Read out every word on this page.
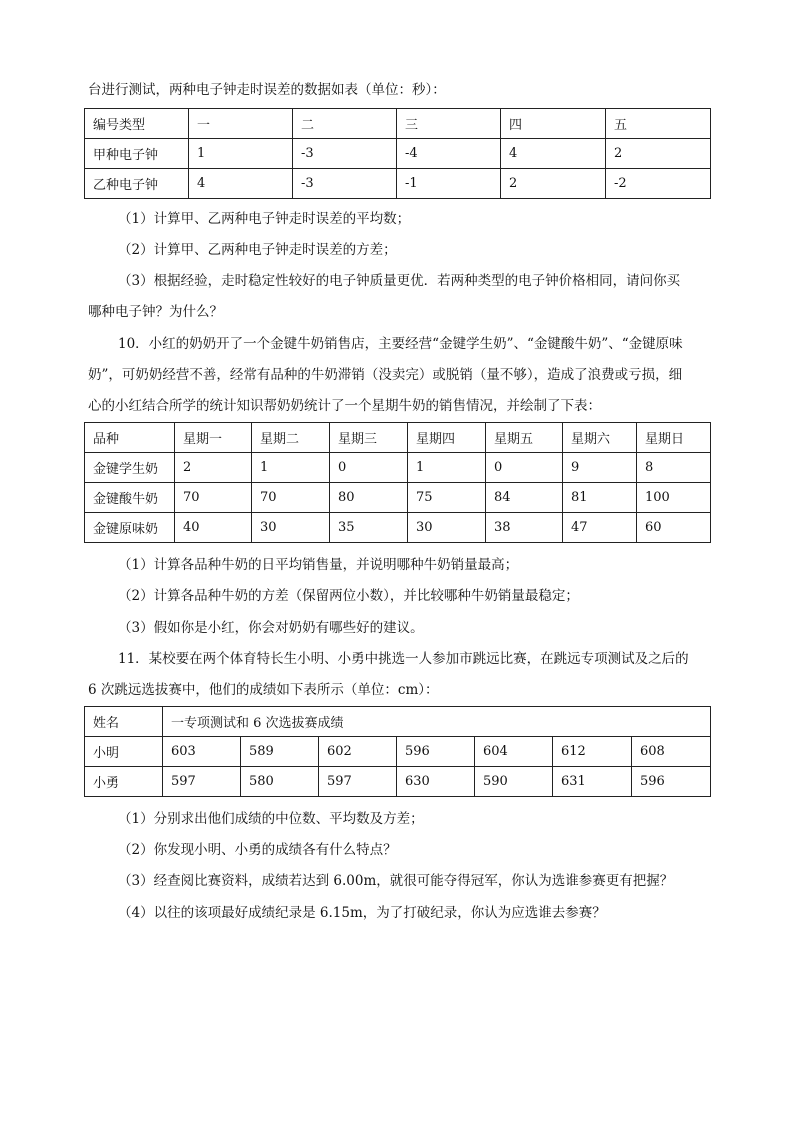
台进行测试，两种电子钟走时误差的数据如表（单位：秒）：
编号类型	一	二	三	四	五
甲种电子钟	1	-3	-4	4	2
乙种电子钟	4	-3	-1	2	-2
（1）计算甲、乙两种电子钟走时误差的平均数；
（2）计算甲、乙两种电子钟走时误差的方差；
（3）根据经验，走时稳定性较好的电子钟质量更优．若两种类型的电子钟价格相同，请问你买
哪种电子钟？为什么？
10．小红的奶奶开了一个金键牛奶销售店，主要经营“金键学生奶”、“金键酸牛奶”、“金键原味
奶”，可奶奶经营不善，经常有品种的牛奶滞销（没卖完）或脱销（量不够），造成了浪费或亏损，细
心的小红结合所学的统计知识帮奶奶统计了一个星期牛奶的销售情况，并绘制了下表：
品种	星期一	星期二	星期三	星期四	星期五	星期六	星期日
金键学生奶	2	1	0	1	0	9	8
金键酸牛奶	70	70	80	75	84	81	100
金键原味奶	40	30	35	30	38	47	60
（1）计算各品种牛奶的日平均销售量，并说明哪种牛奶销量最高；
（2）计算各品种牛奶的方差（保留两位小数），并比较哪种牛奶销量最稳定；
（3）假如你是小红，你会对奶奶有哪些好的建议。
11．某校要在两个体育特长生小明、小勇中挑选一人参加市跳远比赛，在跳远专项测试及之后的
6 次跳远选拔赛中，他们的成绩如下表所示（单位：cm）：
姓名	一专项测试和 6 次选拔赛成绩						
小明	603	589	602	596	604	612	608
小勇	597	580	597	630	590	631	596
（1）分别求出他们成绩的中位数、平均数及方差；
（2）你发现小明、小勇的成绩各有什么特点？
（3）经查阅比赛资料，成绩若达到 6.00m，就很可能夺得冠军，你认为选谁参赛更有把握？
（4）以往的该项最好成绩纪录是 6.15m，为了打破纪录，你认为应选谁去参赛？
